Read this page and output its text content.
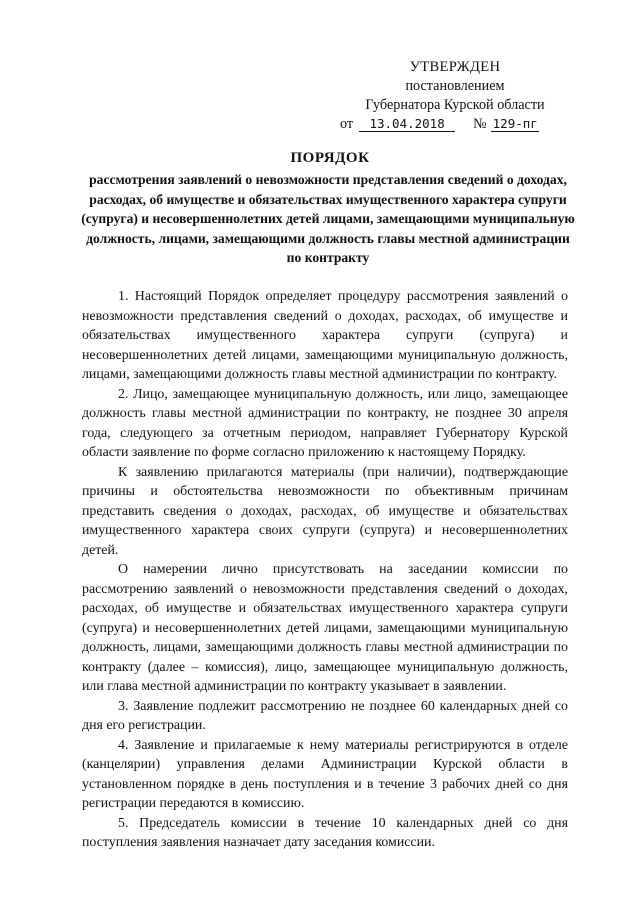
УТВЕРЖДЕН
постановлением
Губернатора Курской области
от 13.04.2018 № 129-пг
ПОРЯДОК
рассмотрения заявлений о невозможности представления сведений о доходах, расходах, об имуществе и обязательствах имущественного характера супруги (супруга) и несовершеннолетних детей лицами, замещающими муниципальную должность, лицами, замещающими должность главы местной администрации по контракту

1. Настоящий Порядок определяет процедуру рассмотрения заявлений о невозможности представления сведений о доходах, расходах, об имуществе и обязательствах имущественного характера супруги (супруга) и несовершеннолетних детей лицами, замещающими муниципальную должность, лицами, замещающими должность главы местной администрации по контракту.

2. Лицо, замещающее муниципальную должность, или лицо, замещающее должность главы местной администрации по контракту, не позднее 30 апреля года, следующего за отчетным периодом, направляет Губернатору Курской области заявление по форме согласно приложению к настоящему Порядку.

К заявлению прилагаются материалы (при наличии), подтверждающие причины и обстоятельства невозможности по объективным причинам представить сведения о доходах, расходах, об имуществе и обязательствах имущественного характера своих супруги (супруга) и несовершеннолетних детей.

О намерении лично присутствовать на заседании комиссии по рассмотрению заявлений о невозможности представления сведений о доходах, расходах, об имуществе и обязательствах имущественного характера супруги (супруга) и несовершеннолетних детей лицами, замещающими муниципальную должность, лицами, замещающими должность главы местной администрации по контракту (далее – комиссия), лицо, замещающее муниципальную должность, или глава местной администрации по контракту указывает в заявлении.

3. Заявление подлежит рассмотрению не позднее 60 календарных дней со дня его регистрации.

4. Заявление и прилагаемые к нему материалы регистрируются в отделе (канцелярии) управления делами Администрации Курской области в установленном порядке в день поступления и в течение 3 рабочих дней со дня регистрации передаются в комиссию.

5. Председатель комиссии в течение 10 календарных дней со дня поступления заявления назначает дату заседания комиссии.
